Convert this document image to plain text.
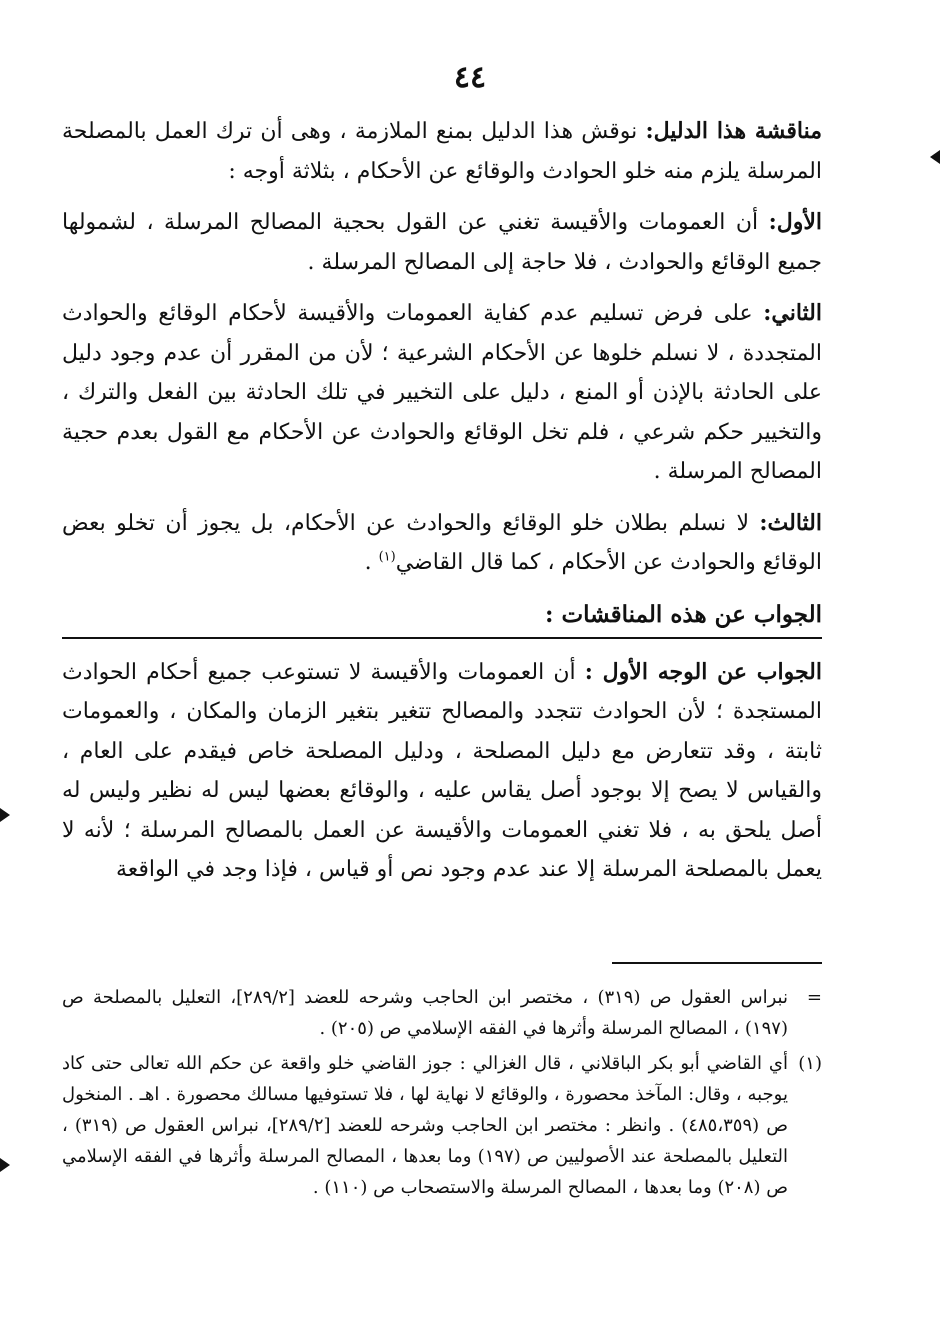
٤٤

مناقشة هذا الدليل: نوقش هذا الدليل بمنع الملازمة ، وهى أن ترك العمل بالمصلحة المرسلة يلزم منه خلو الحوادث والوقائع عن الأحكام ، بثلاثة أوجه :

الأول: أن العمومات والأقيسة تغني عن القول بحجية المصالح المرسلة ، لشمولها جميع الوقائع والحوادث ، فلا حاجة إلى المصالح المرسلة .

الثاني: على فرض تسليم عدم كفاية العمومات والأقيسة لأحكام الوقائع والحوادث المتجددة ، لا نسلم خلوها عن الأحكام الشرعية ؛ لأن من المقرر أن عدم وجود دليل على الحادثة بالإذن أو المنع ، دليل على التخيير في تلك الحادثة بين الفعل والترك ، والتخيير حكم شرعي ، فلم تخل الوقائع والحوادث عن الأحكام مع القول بعدم حجية المصالح المرسلة .

الثالث: لا نسلم بطلان خلو الوقائع والحوادث عن الأحكام، بل يجوز أن تخلو بعض الوقائع والحوادث عن الأحكام ، كما قال القاضي$^{(١)}$ .

الجواب عن هذه المناقشات :

الجواب عن الوجه الأول : أن العمومات والأقيسة لا تستوعب جميع أحكام الحوادث المستجدة ؛ لأن الحوادث تتجدد والمصالح تتغير بتغير الزمان والمكان ، والعمومات ثابتة ، وقد تتعارض مع دليل المصلحة ، ودليل المصلحة خاص فيقدم على العام ، والقياس لا يصح إلا بوجود أصل يقاس عليه ، والوقائع بعضها ليس له نظير وليس له أصل يلحق به ، فلا تغني العمومات والأقيسة عن العمل بالمصالح المرسلة ؛ لأنه لا يعمل بالمصلحة المرسلة إلا عند عدم وجود نص أو قياس ، فإذا وجد في الواقعة

=
نبراس العقول ص (٣١٩) ، مختصر ابن الحاجب وشرحه للعضد [٢٨٩/٢]، التعليل بالمصلحة ص (١٩٧) ، المصالح المرسلة وأثرها في الفقه الإسلامي ص (٢٠٥) .

(١)
أي القاضي أبو بكر الباقلاني ، قال الغزالي : جوز القاضي خلو واقعة عن حكم الله تعالى حتى كاد يوجبه ، وقال: المآخذ محصورة ، والوقائع لا نهاية لها ، فلا تستوفيها مسالك محصورة . اهـ . المنخول ص (٤٨٥،٣٥٩) . وانظر : مختصر ابن الحاجب وشرحه للعضد [٢٨٩/٢]، نبراس العقول ص (٣١٩) ، التعليل بالمصلحة عند الأصوليين ص (١٩٧) وما بعدها ، المصالح المرسلة وأثرها في الفقه الإسلامي ص (٢٠٨) وما بعدها ، المصالح المرسلة والاستصحاب ص (١١٠) .
